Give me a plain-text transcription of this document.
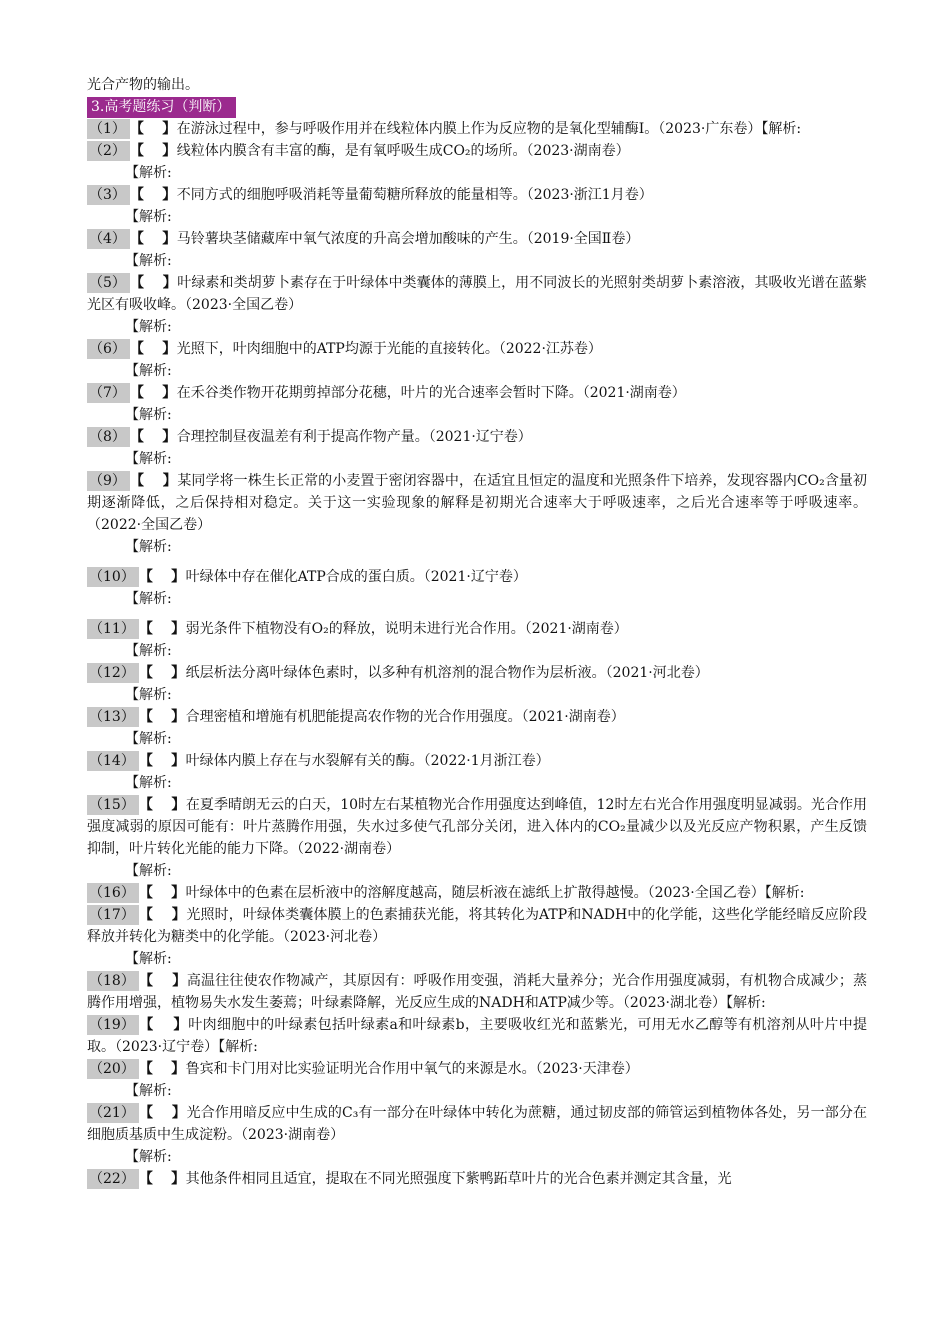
光合产物的输出。
3.高考题练习（判断）
（1） 【 】在游泳过程中，参与呼吸作用并在线粒体内膜上作为反应物的是氧化型辅酶Ⅰ。（2023·广东卷）【解析:
（2） 【 】线粒体内膜含有丰富的酶，是有氧呼吸生成CO₂的场所。（2023·湖南卷）
【解析:
（3） 【 】不同方式的细胞呼吸消耗等量葡萄糖所释放的能量相等。（2023·浙江1月卷）
【解析:
（4） 【 】马铃薯块茎储藏库中氧气浓度的升高会增加酸味的产生。（2019·全国Ⅱ卷）
【解析:
（5） 【 】叶绿素和类胡萝卜素存在于叶绿体中类囊体的薄膜上，用不同波长的光照射类胡萝卜素溶液，其吸收光谱在蓝紫光区有吸收峰。（2023·全国乙卷）
【解析:
（6） 【 】光照下，叶肉细胞中的ATP均源于光能的直接转化。（2022·江苏卷）
【解析:
（7） 【 】在禾谷类作物开花期剪掉部分花穗，叶片的光合速率会暂时下降。（2021·湖南卷）
【解析:
（8） 【 】合理控制昼夜温差有利于提高作物产量。（2021·辽宁卷）
【解析:
（9） 【 】某同学将一株生长正常的小麦置于密闭容器中，在适宜且恒定的温度和光照条件下培养，发现容器内CO₂含量初期逐渐降低，之后保持相对稳定。关于这一实验现象的解释是初期光合速率大于呼吸速率，之后光合速率等于呼吸速率。（2022·全国乙卷）
【解析:
（10） 【 】叶绿体中存在催化ATP合成的蛋白质。（2021·辽宁卷）
【解析:
（11） 【 】弱光条件下植物没有O₂的释放，说明未进行光合作用。（2021·湖南卷）
【解析:
（12） 【 】纸层析法分离叶绿体色素时，以多种有机溶剂的混合物作为层析液。（2021·河北卷）
【解析:
（13） 【 】合理密植和增施有机肥能提高农作物的光合作用强度。（2021·湖南卷）
【解析:
（14） 【 】叶绿体内膜上存在与水裂解有关的酶。（2022·1月浙江卷）
【解析:
（15） 【 】在夏季晴朗无云的白天，10时左右某植物光合作用强度达到峰值，12时左右光合作用强度明显减弱。光合作用强度减弱的原因可能有：叶片蒸腾作用强，失水过多使气孔部分关闭，进入体内的CO₂量减少以及光反应产物积累，产生反馈抑制，叶片转化光能的能力下降。（2022·湖南卷）
【解析:
（16） 【 】叶绿体中的色素在层析液中的溶解度越高，随层析液在滤纸上扩散得越慢。（2023·全国乙卷）【解析:
（17） 【 】光照时，叶绿体类囊体膜上的色素捕获光能，将其转化为ATP和NADH中的化学能，这些化学能经暗反应阶段释放并转化为糖类中的化学能。（2023·河北卷）
【解析:
（18） 【 】高温往往使农作物减产，其原因有：呼吸作用变强，消耗大量养分；光合作用强度减弱，有机物合成减少；蒸腾作用增强，植物易失水发生萎蔫；叶绿素降解，光反应生成的NADH和ATP减少等。（2023·湖北卷）【解析:
（19） 【 】叶肉细胞中的叶绿素包括叶绿素a和叶绿素b，主要吸收红光和蓝紫光，可用无水乙醇等有机溶剂从叶片中提取。（2023·辽宁卷）【解析:
（20） 【 】鲁宾和卡门用对比实验证明光合作用中氧气的来源是水。（2023·天津卷）
【解析:
（21） 【 】光合作用暗反应中生成的C₃有一部分在叶绿体中转化为蔗糖，通过韧皮部的筛管运到植物体各处，另一部分在细胞质基质中生成淀粉。（2023·湖南卷）
【解析:
（22） 【 】其他条件相同且适宜，提取在不同光照强度下紫鸭跖草叶片的光合色素并测定其含量，光
